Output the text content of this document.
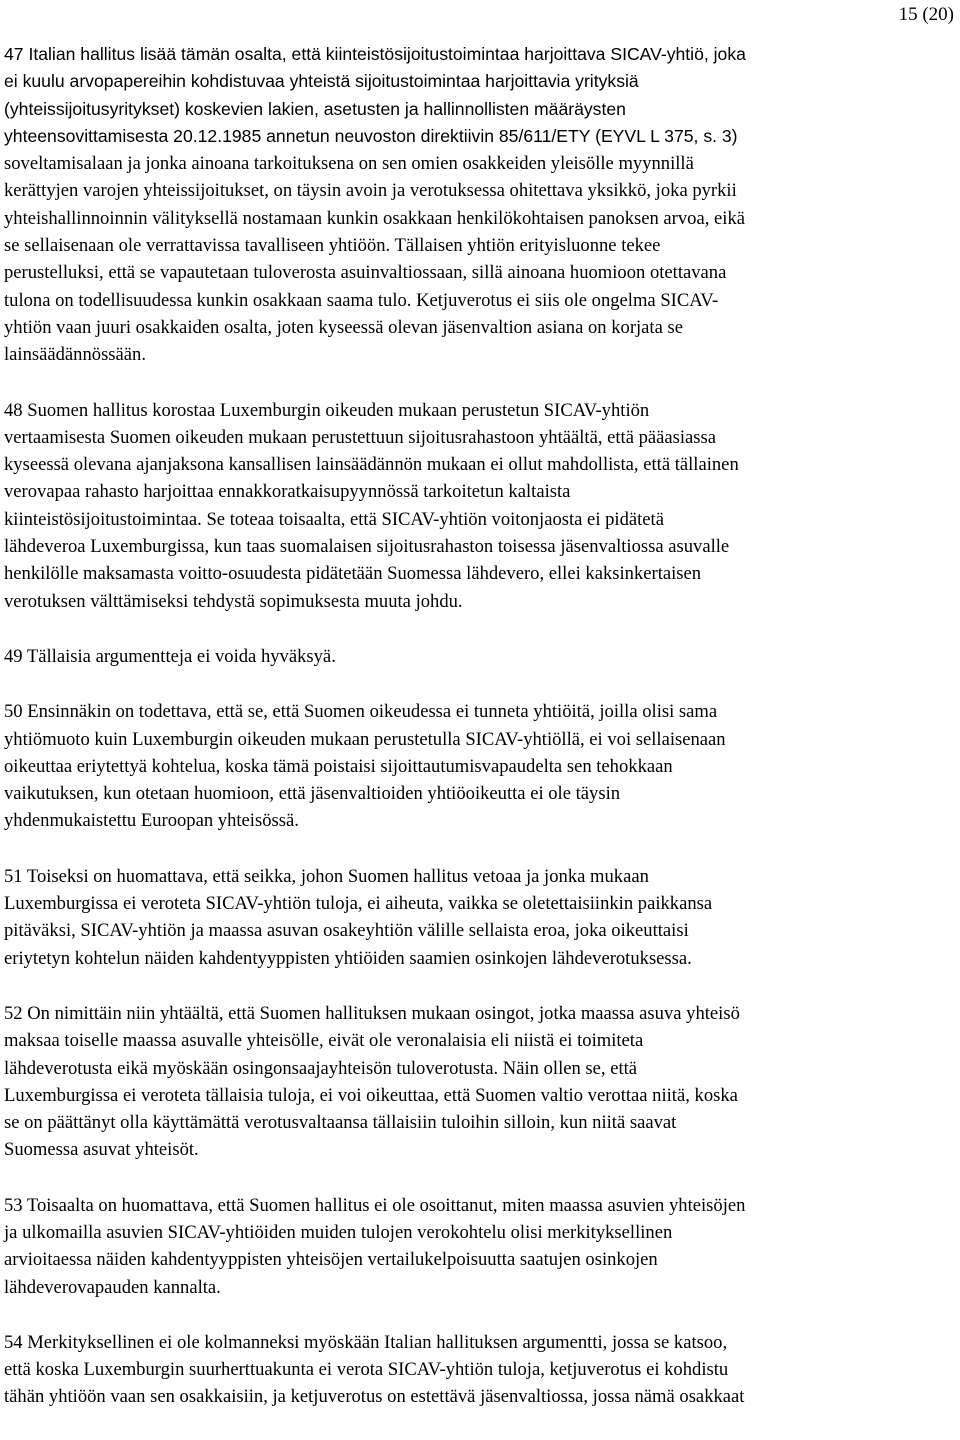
15 (20)

47 Italian hallitus lisää tämän osalta, että kiinteistösijoitustoimintaa harjoittava SICAV-yhtiö, joka
ei kuulu arvopapereihin kohdistuvaa yhteistä sijoitustoimintaa harjoittavia yrityksiä
(yhteissijoitusyritykset) koskevien lakien, asetusten ja hallinnollisten määräysten
yhteensovittamisesta 20.12.1985 annetun neuvoston direktiivin 85/611/ETY (EYVL L 375, s. 3)
soveltamisalaan ja jonka ainoana tarkoituksena on sen omien osakkeiden yleisölle myynnillä
kerättyjen varojen yhteissijoitukset, on täysin avoin ja verotuksessa ohitettava yksikkö, joka pyrkii
yhteishallinnoinnin välityksellä nostamaan kunkin osakkaan henkilökohtaisen panoksen arvoa, eikä
se sellaisenaan ole verrattavissa tavalliseen yhtiöön. Tällaisen yhtiön erityisluonne tekee
perustelluksi, että se vapautetaan tuloverosta asuinvaltiossaan, sillä ainoana huomioon otettavana
tulona on todellisuudessa kunkin osakkaan saama tulo. Ketjuverotus ei siis ole ongelma SICAV-
yhtiön vaan juuri osakkaiden osalta, joten kyseessä olevan jäsenvaltion asiana on korjata se
lainsäädännössään.

48 Suomen hallitus korostaa Luxemburgin oikeuden mukaan perustetun SICAV-yhtiön
vertaamisesta Suomen oikeuden mukaan perustettuun sijoitusrahastoon yhtäältä, että pääasiassa
kyseessä olevana ajanjaksona kansallisen lainsäädännön mukaan ei ollut mahdollista, että tällainen
verovapaa rahasto harjoittaa ennakkoratkaisupyynnössä tarkoitetun kaltaista
kiinteistösijoitustoimintaa. Se toteaa toisaalta, että SICAV-yhtiön voitonjaosta ei pidätetä
lähdeveroa Luxemburgissa, kun taas suomalaisen sijoitusrahaston toisessa jäsenvaltiossa asuvalle
henkilölle maksamasta voitto-osuudesta pidätetään Suomessa lähdevero, ellei kaksinkertaisen
verotuksen välttämiseksi tehdystä sopimuksesta muuta johdu.

49 Tällaisia argumentteja ei voida hyväksyä.

50 Ensinnäkin on todettava, että se, että Suomen oikeudessa ei tunneta yhtiöitä, joilla olisi sama
yhtiömuoto kuin Luxemburgin oikeuden mukaan perustetulla SICAV-yhtiöllä, ei voi sellaisenaan
oikeuttaa eriytettyä kohtelua, koska tämä poistaisi sijoittautumisvapaudelta sen tehokkaan
vaikutuksen, kun otetaan huomioon, että jäsenvaltioiden yhtiöoikeutta ei ole täysin
yhdenmukaistettu Euroopan yhteisössä.

51 Toiseksi on huomattava, että seikka, johon Suomen hallitus vetoaa ja jonka mukaan
Luxemburgissa ei veroteta SICAV-yhtiön tuloja, ei aiheuta, vaikka se oletettaisiinkin paikkansa
pitäväksi, SICAV-yhtiön ja maassa asuvan osakeyhtiön välille sellaista eroa, joka oikeuttaisi
eriytetyn kohtelun näiden kahdentyyppisten yhtiöiden saamien osinkojen lähdeverotuksessa.

52 On nimittäin niin yhtäältä, että Suomen hallituksen mukaan osingot, jotka maassa asuva yhteisö
maksaa toiselle maassa asuvalle yhteisölle, eivät ole veronalaisia eli niistä ei toimiteta
lähdeverotusta eikä myöskään osingonsaajayhteisön tuloverotusta. Näin ollen se, että
Luxemburgissa ei veroteta tällaisia tuloja, ei voi oikeuttaa, että Suomen valtio verottaa niitä, koska
se on päättänyt olla käyttämättä verotusvaltaansa tällaisiin tuloihin silloin, kun niitä saavat
Suomessa asuvat yhteisöt.

53 Toisaalta on huomattava, että Suomen hallitus ei ole osoittanut, miten maassa asuvien yhteisöjen
ja ulkomailla asuvien SICAV-yhtiöiden muiden tulojen verokohtelu olisi merkityksellinen
arvioitaessa näiden kahdentyyppisten yhteisöjen vertailukelpoisuutta saatujen osinkojen
lähdeverovapauden kannalta.

54 Merkityksellinen ei ole kolmanneksi myöskään Italian hallituksen argumentti, jossa se katsoo,
että koska Luxemburgin suurherttuakunta ei verota SICAV-yhtiön tuloja, ketjuverotus ei kohdistu
tähän yhtiöön vaan sen osakkaisiin, ja ketjuverotus on estettävä jäsenvaltiossa, jossa nämä osakkaat
